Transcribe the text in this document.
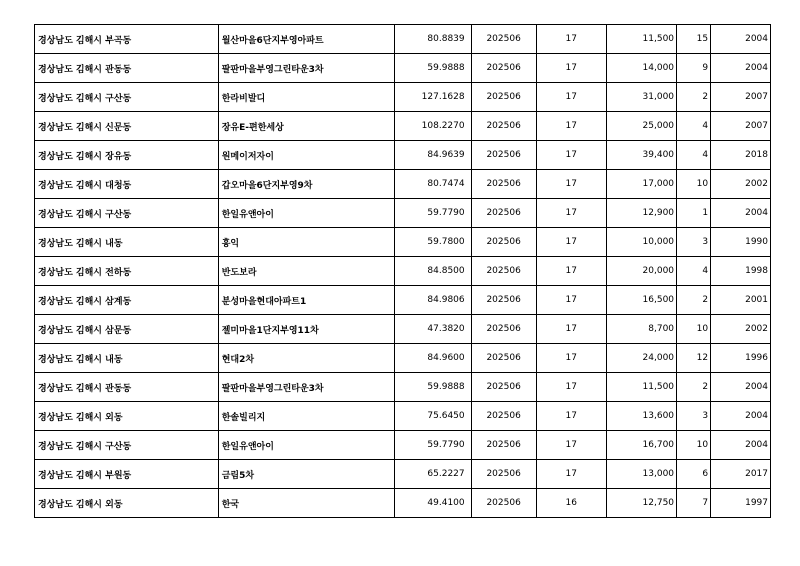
경상남도 김해시 부곡동	월산마을6단지부영아파트	80.8839	202506	17	11,500	15	2004
경상남도 김해시 관동동	팔판마을부영그린타운3차	59.9888	202506	17	14,000	9	2004
경상남도 김해시 구산동	한라비발디	127.1628	202506	17	31,000	2	2007
경상남도 김해시 신문동	장유E-편한세상	108.2270	202506	17	25,000	4	2007
경상남도 김해시 장유동	원메이저자이	84.9639	202506	17	39,400	4	2018
경상남도 김해시 대청동	갑오마을6단지부영9차	80.7474	202506	17	17,000	10	2002
경상남도 김해시 구산동	한일유앤아이	59.7790	202506	17	12,900	1	2004
경상남도 김해시 내동	흥익	59.7800	202506	17	10,000	3	1990
경상남도 김해시 전하동	반도보라	84.8500	202506	17	20,000	4	1998
경상남도 김해시 삼계동	분성마을현대아파트1	84.9806	202506	17	16,500	2	2001
경상남도 김해시 삼문동	젤미마을1단지부영11차	47.3820	202506	17	8,700	10	2002
경상남도 김해시 내동	현대2차	84.9600	202506	17	24,000	12	1996
경상남도 김해시 관동동	팔판마을부영그린타운3차	59.9888	202506	17	11,500	2	2004
경상남도 김해시 외동	한솔빌리지	75.6450	202506	17	13,600	3	2004
경상남도 김해시 구산동	한일유앤아이	59.7790	202506	17	16,700	10	2004
경상남도 김해시 부원동	금림5차	65.2227	202506	17	13,000	6	2017
경상남도 김해시 외동	한국	49.4100	202506	16	12,750	7	1997
